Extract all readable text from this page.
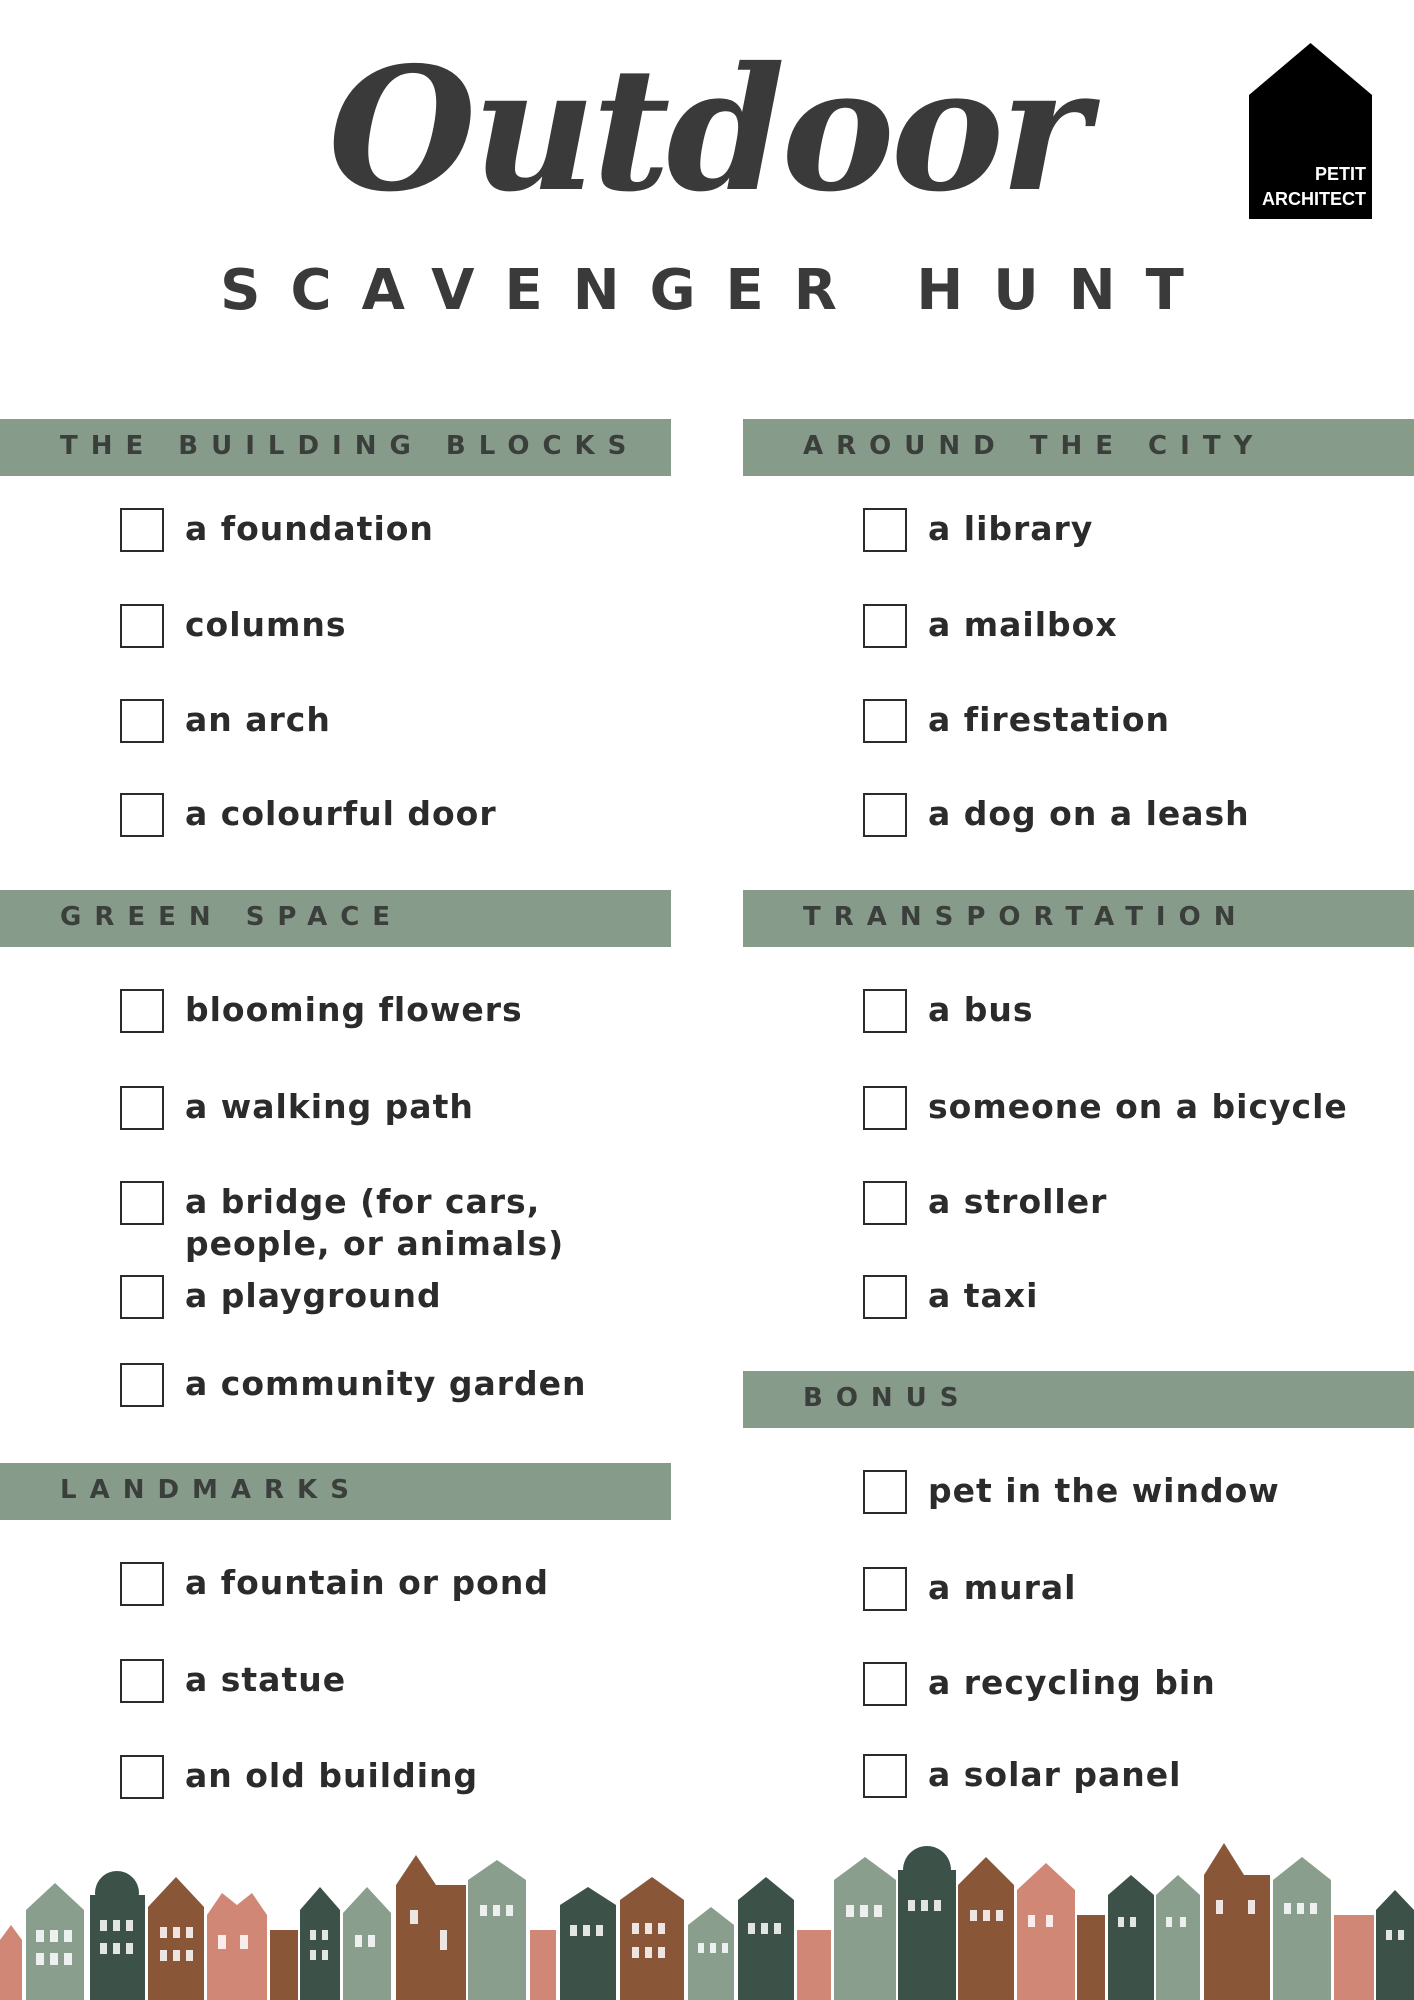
Outdoor
SCAVENGER HUNT
PETIT
ARCHITECT
THE BUILDING BLOCKS
a foundation
columns
an arch
a colourful door
GREEN SPACE
blooming flowers
a walking path
a bridge (for cars,
people, or animals)
a playground
a community garden
LANDMARKS
a fountain or pond
a statue
an old building
AROUND THE CITY
a library
a mailbox
a firestation
a dog on a leash
TRANSPORTATION
a bus
someone on a bicycle
a stroller
a taxi
BONUS
pet in the window
a mural
a recycling bin
a solar panel
